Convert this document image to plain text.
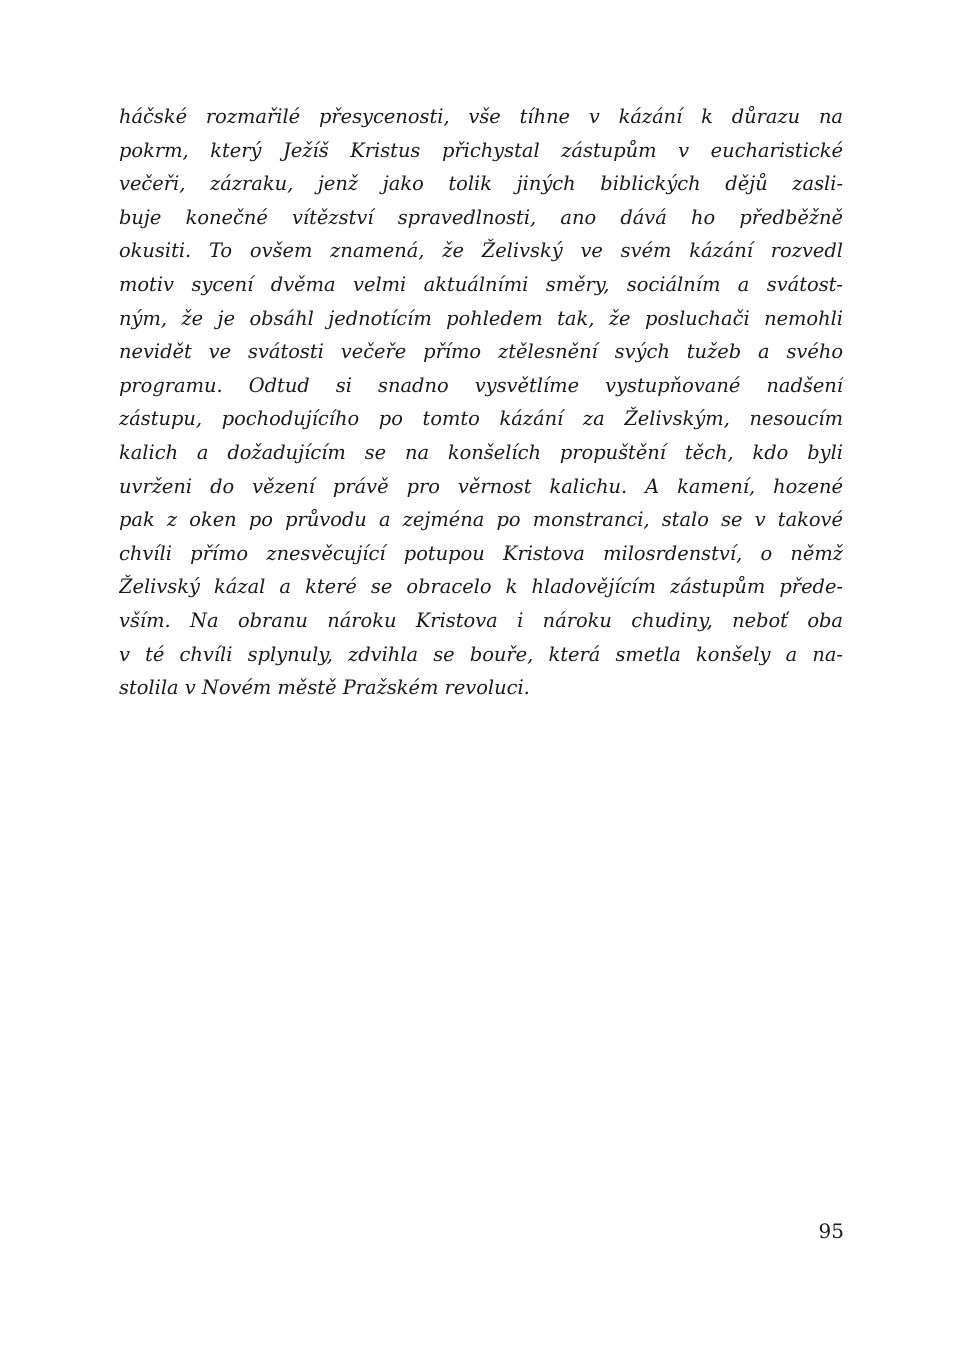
háčské rozmařilé přesycenosti, vše tíhne v kázání k důrazu na
pokrm, který Ježíš Kristus přichystal zástupům v eucharistické
večeři, zázraku, jenž jako tolik jiných biblických dějů zasli-
buje konečné vítězství spravedlnosti, ano dává ho předběžně
okusiti. To ovšem znamená, že Želivský ve svém kázání rozvedl
motiv sycení dvěma velmi aktuálními směry, sociálním a svátost-
ným, že je obsáhl jednotícím pohledem tak, že posluchači nemohli
nevidět ve svátosti večeře přímo ztělesnění svých tužeb a svého
programu. Odtud si snadno vysvětlíme vystupňované nadšení
zástupu, pochodujícího po tomto kázání za Želivským, nesoucím
kalich a dožadujícím se na konšelích propuštění těch, kdo byli
uvrženi do vězení právě pro věrnost kalichu. A kamení, hozené
pak z oken po průvodu a zejména po monstranci, stalo se v takové
chvíli přímo znesvěcující potupou Kristova milosrdenství, o němž
Želivský kázal a které se obracelo k hladovějícím zástupům přede-
vším. Na obranu nároku Kristova i nároku chudiny, neboť oba
v té chvíli splynuly, zdvihla se bouře, která smetla konšely a na-
stolila v Novém městě Pražském revoluci.
95
